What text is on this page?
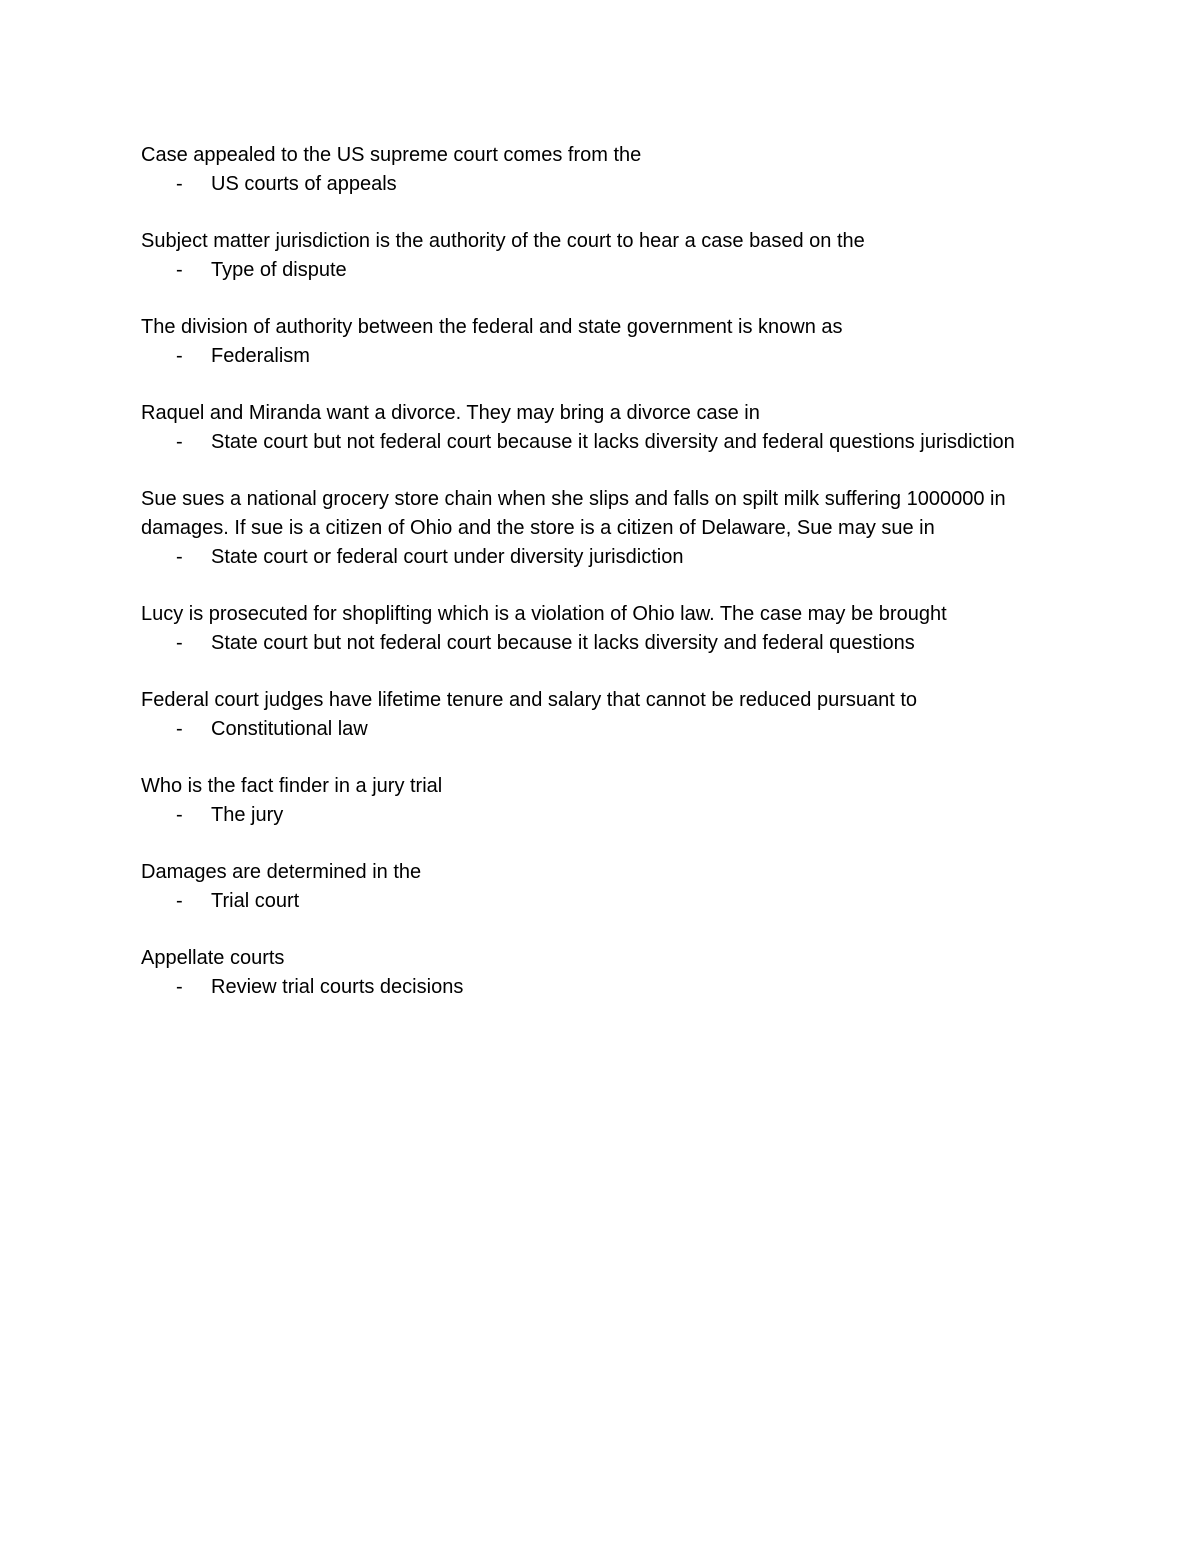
Case appealed to the US supreme court comes from the

- US courts of appeals

Subject matter jurisdiction is the authority of the court to hear a case based on the

- Type of dispute

The division of authority between the federal and state government is known as

- Federalism

Raquel and Miranda want a divorce. They may bring a divorce case in

- State court but not federal court because it lacks diversity and federal questions jurisdiction

Sue sues a national grocery store chain when she slips and falls on spilt milk suffering 1000000 in damages. If sue is a citizen of Ohio and the store is a citizen of Delaware, Sue may sue in

- State court or federal court under diversity jurisdiction

Lucy is prosecuted for shoplifting which is a violation of Ohio law. The case may be brought

- State court but not federal court because it lacks diversity and federal questions

Federal court judges have lifetime tenure and salary that cannot be reduced pursuant to

- Constitutional law

Who is the fact finder in a jury trial

- The jury

Damages are determined in the

- Trial court

Appellate courts

- Review trial courts decisions
